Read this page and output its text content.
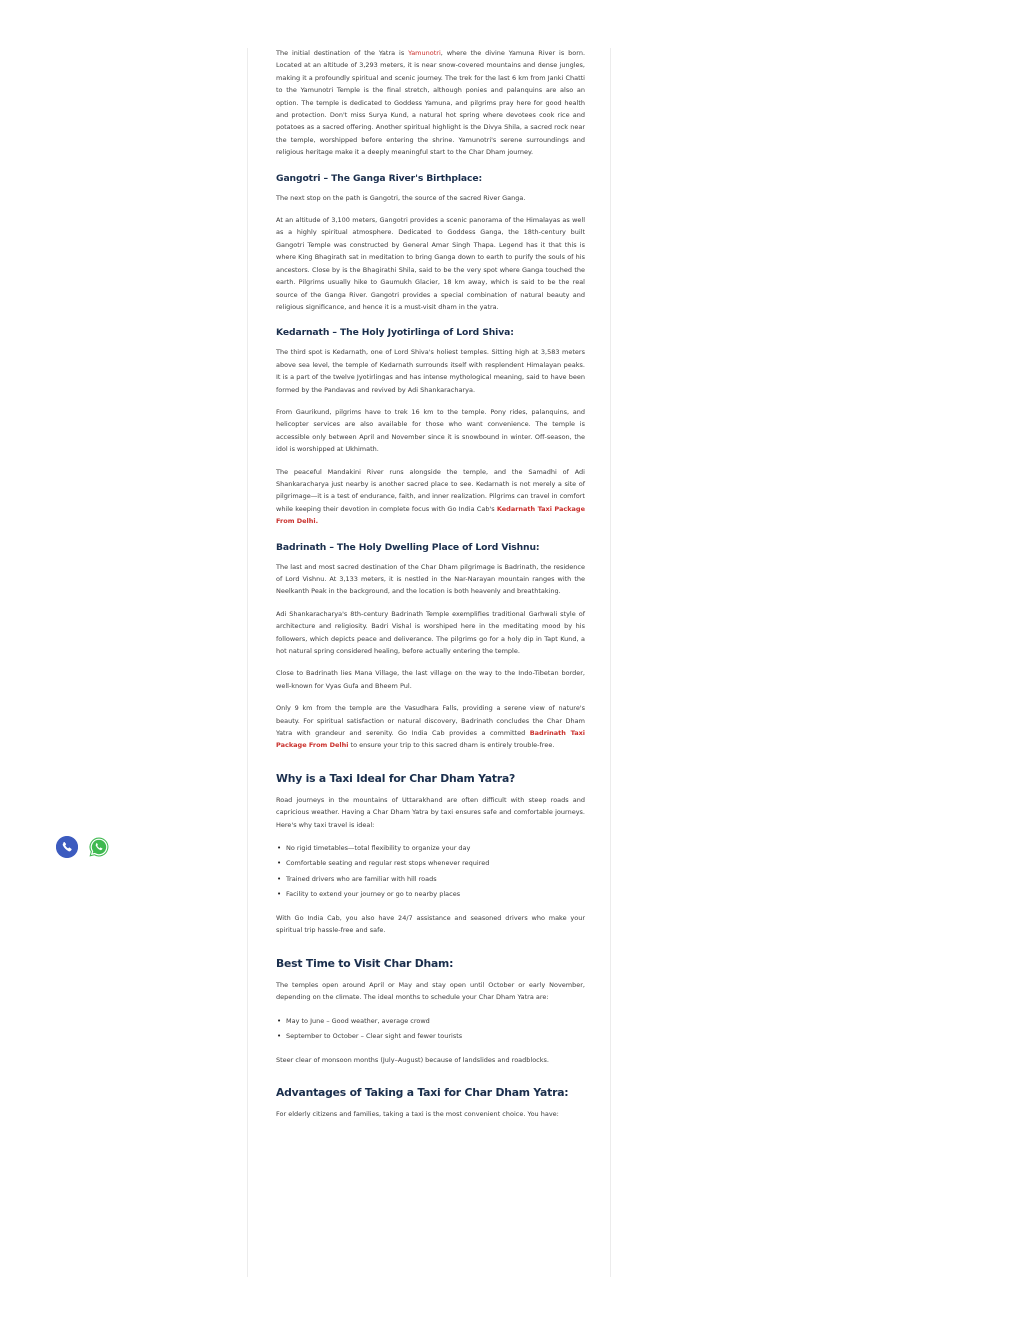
The initial destination of the Yatra is Yamunotri, where the divine Yamuna River is born. Located at an altitude of 3,293 meters, it is near snow-covered mountains and dense jungles, making it a profoundly spiritual and scenic journey. The trek for the last 6 km from Janki Chatti to the Yamunotri Temple is the final stretch, although ponies and palanquins are also an option. The temple is dedicated to Goddess Yamuna, and pilgrims pray here for good health and protection. Don't miss Surya Kund, a natural hot spring where devotees cook rice and potatoes as a sacred offering. Another spiritual highlight is the Divya Shila, a sacred rock near the temple, worshipped before entering the shrine. Yamunotri's serene surroundings and religious heritage make it a deeply meaningful start to the Char Dham journey.

Gangotri – The Ganga River's Birthplace:

The next stop on the path is Gangotri, the source of the sacred River Ganga.

At an altitude of 3,100 meters, Gangotri provides a scenic panorama of the Himalayas as well as a highly spiritual atmosphere. Dedicated to Goddess Ganga, the 18th-century built Gangotri Temple was constructed by General Amar Singh Thapa. Legend has it that this is where King Bhagirath sat in meditation to bring Ganga down to earth to purify the souls of his ancestors. Close by is the Bhagirathi Shila, said to be the very spot where Ganga touched the earth. Pilgrims usually hike to Gaumukh Glacier, 18 km away, which is said to be the real source of the Ganga River. Gangotri provides a special combination of natural beauty and religious significance, and hence it is a must-visit dham in the yatra.

Kedarnath – The Holy Jyotirlinga of Lord Shiva:

The third spot is Kedarnath, one of Lord Shiva's holiest temples. Sitting high at 3,583 meters above sea level, the temple of Kedarnath surrounds itself with resplendent Himalayan peaks. It is a part of the twelve Jyotirlingas and has intense mythological meaning, said to have been formed by the Pandavas and revived by Adi Shankaracharya.

From Gaurikund, pilgrims have to trek 16 km to the temple. Pony rides, palanquins, and helicopter services are also available for those who want convenience. The temple is accessible only between April and November since it is snowbound in winter. Off-season, the idol is worshipped at Ukhimath.

The peaceful Mandakini River runs alongside the temple, and the Samadhi of Adi Shankaracharya just nearby is another sacred place to see. Kedarnath is not merely a site of pilgrimage—it is a test of endurance, faith, and inner realization. Pilgrims can travel in comfort while keeping their devotion in complete focus with Go India Cab's Kedarnath Taxi Package From Delhi.

Badrinath – The Holy Dwelling Place of Lord Vishnu:

The last and most sacred destination of the Char Dham pilgrimage is Badrinath, the residence of Lord Vishnu. At 3,133 meters, it is nestled in the Nar-Narayan mountain ranges with the Neelkanth Peak in the background, and the location is both heavenly and breathtaking.

Adi Shankaracharya's 8th-century Badrinath Temple exemplifies traditional Garhwali style of architecture and religiosity. Badri Vishal is worshiped here in the meditating mood by his followers, which depicts peace and deliverance. The pilgrims go for a holy dip in Tapt Kund, a hot natural spring considered healing, before actually entering the temple.

Close to Badrinath lies Mana Village, the last village on the way to the Indo-Tibetan border, well-known for Vyas Gufa and Bheem Pul.

Only 9 km from the temple are the Vasudhara Falls, providing a serene view of nature's beauty. For spiritual satisfaction or natural discovery, Badrinath concludes the Char Dham Yatra with grandeur and serenity. Go India Cab provides a committed Badrinath Taxi Package From Delhi to ensure your trip to this sacred dham is entirely trouble-free.

Why is a Taxi Ideal for Char Dham Yatra?

Road journeys in the mountains of Uttarakhand are often difficult with steep roads and capricious weather. Having a Char Dham Yatra by taxi ensures safe and comfortable journeys. Here's why taxi travel is ideal:

• No rigid timetables—total flexibility to organize your day
• Comfortable seating and regular rest stops whenever required
• Trained drivers who are familiar with hill roads
• Facility to extend your journey or go to nearby places

With Go India Cab, you also have 24/7 assistance and seasoned drivers who make your spiritual trip hassle-free and safe.

Best Time to Visit Char Dham:

The temples open around April or May and stay open until October or early November, depending on the climate. The ideal months to schedule your Char Dham Yatra are:

• May to June – Good weather, average crowd
• September to October – Clear sight and fewer tourists

Steer clear of monsoon months (July–August) because of landslides and roadblocks.

Advantages of Taking a Taxi for Char Dham Yatra:

For elderly citizens and families, taking a taxi is the most convenient choice. You have:
